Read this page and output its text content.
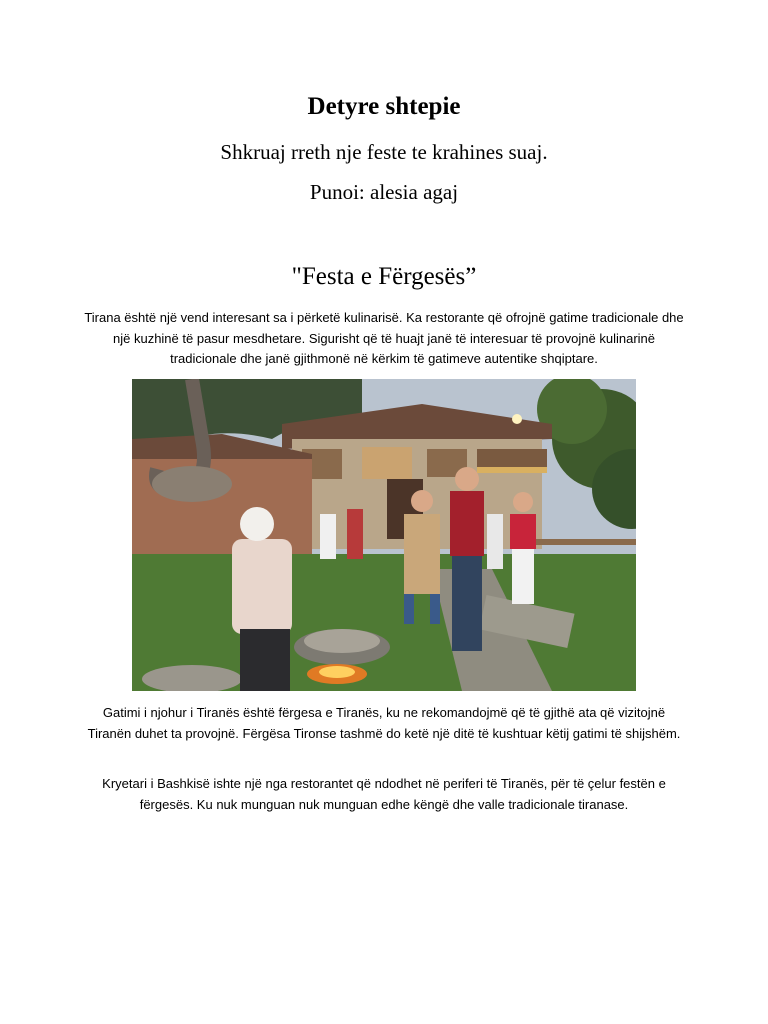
Detyre shtepie
Shkruaj rreth nje feste te krahines suaj.
Punoi: alesia agaj
"Festa e Fërgesës”
Tirana është një vend interesant sa i përketë kulinarisë. Ka restorante që ofrojnë gatime tradicionale dhe një kuzhinë të pasur mesdhetare. Sigurisht që të huajt janë të interesuar të provojnë kulinarinë tradicionale dhe janë gjithmonë në kërkim të gatimeve autentike shqiptare.
Gatimi i njohur i Tiranës është fërgesa e Tiranës, ku ne rekomandojmë që të gjithë ata që vizitojnë Tiranën duhet ta provojnë. Fërgësa Tironse tashmë do ketë një ditë të kushtuar këtij gatimi të shijshëm.
Kryetari i Bashkisë ishte një nga restorantet që ndodhet në periferi të Tiranës, për të çelur festën e fërgesës. Ku nuk munguan nuk munguan edhe këngë dhe valle tradicionale tiranase.
